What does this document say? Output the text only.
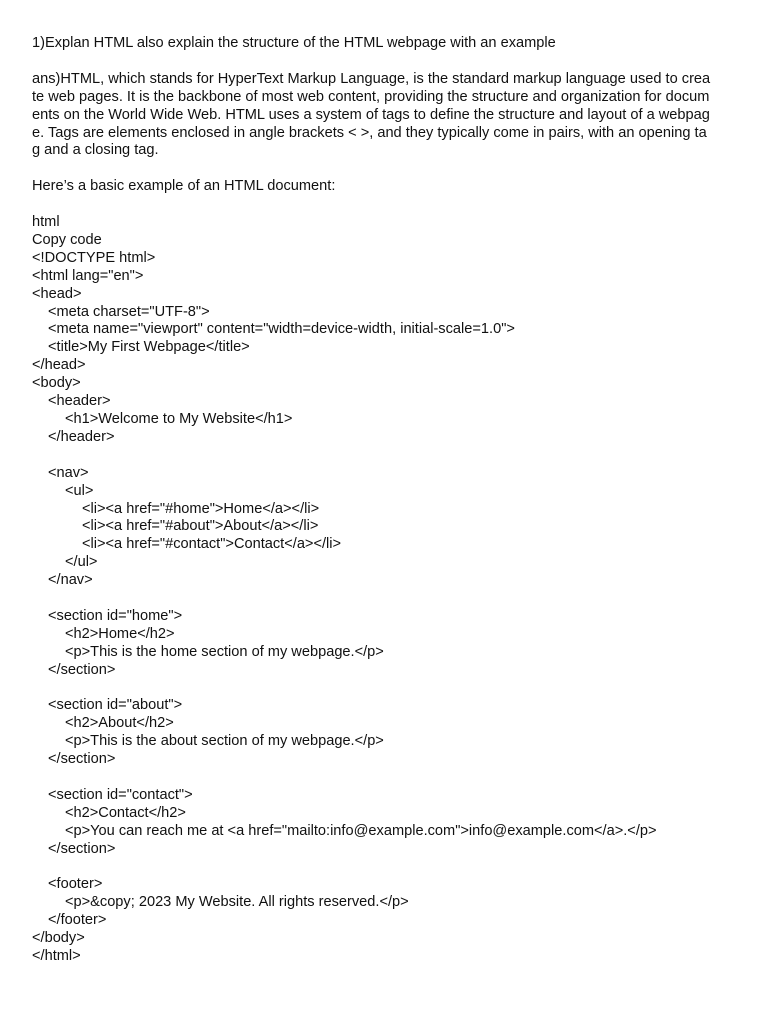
1)Explan HTML also explain the structure of the HTML webpage with an example

ans)HTML, which stands for HyperText Markup Language, is the standard markup language used to crea
te web pages. It is the backbone of most web content, providing the structure and organization for docum
ents on the World Wide Web. HTML uses a system of tags to define the structure and layout of a webpag
e. Tags are elements enclosed in angle brackets < >, and they typically come in pairs, with an opening ta
g and a closing tag.

Here’s a basic example of an HTML document:

html
Copy code
<!DOCTYPE html>
<html lang="en">
<head>
<meta charset="UTF-8">
<meta name="viewport" content="width=device-width, initial-scale=1.0">
<title>My First Webpage</title>
</head>
<body>
<header>
<h1>Welcome to My Website</h1>
</header>
<nav>
<ul>
<li><a href="#home">Home</a></li>
<li><a href="#about">About</a></li>
<li><a href="#contact">Contact</a></li>
</ul>
</nav>
<section id="home">
<h2>Home</h2>
<p>This is the home section of my webpage.</p>
</section>
<section id="about">
<h2>About</h2>
<p>This is the about section of my webpage.</p>
</section>
<section id="contact">
<h2>Contact</h2>
<p>You can reach me at <a href="mailto:info@example.com">info@example.com</a>.</p>
</section>
<footer>
<p>&copy; 2023 My Website. All rights reserved.</p>
</footer>
</body>
</html>
